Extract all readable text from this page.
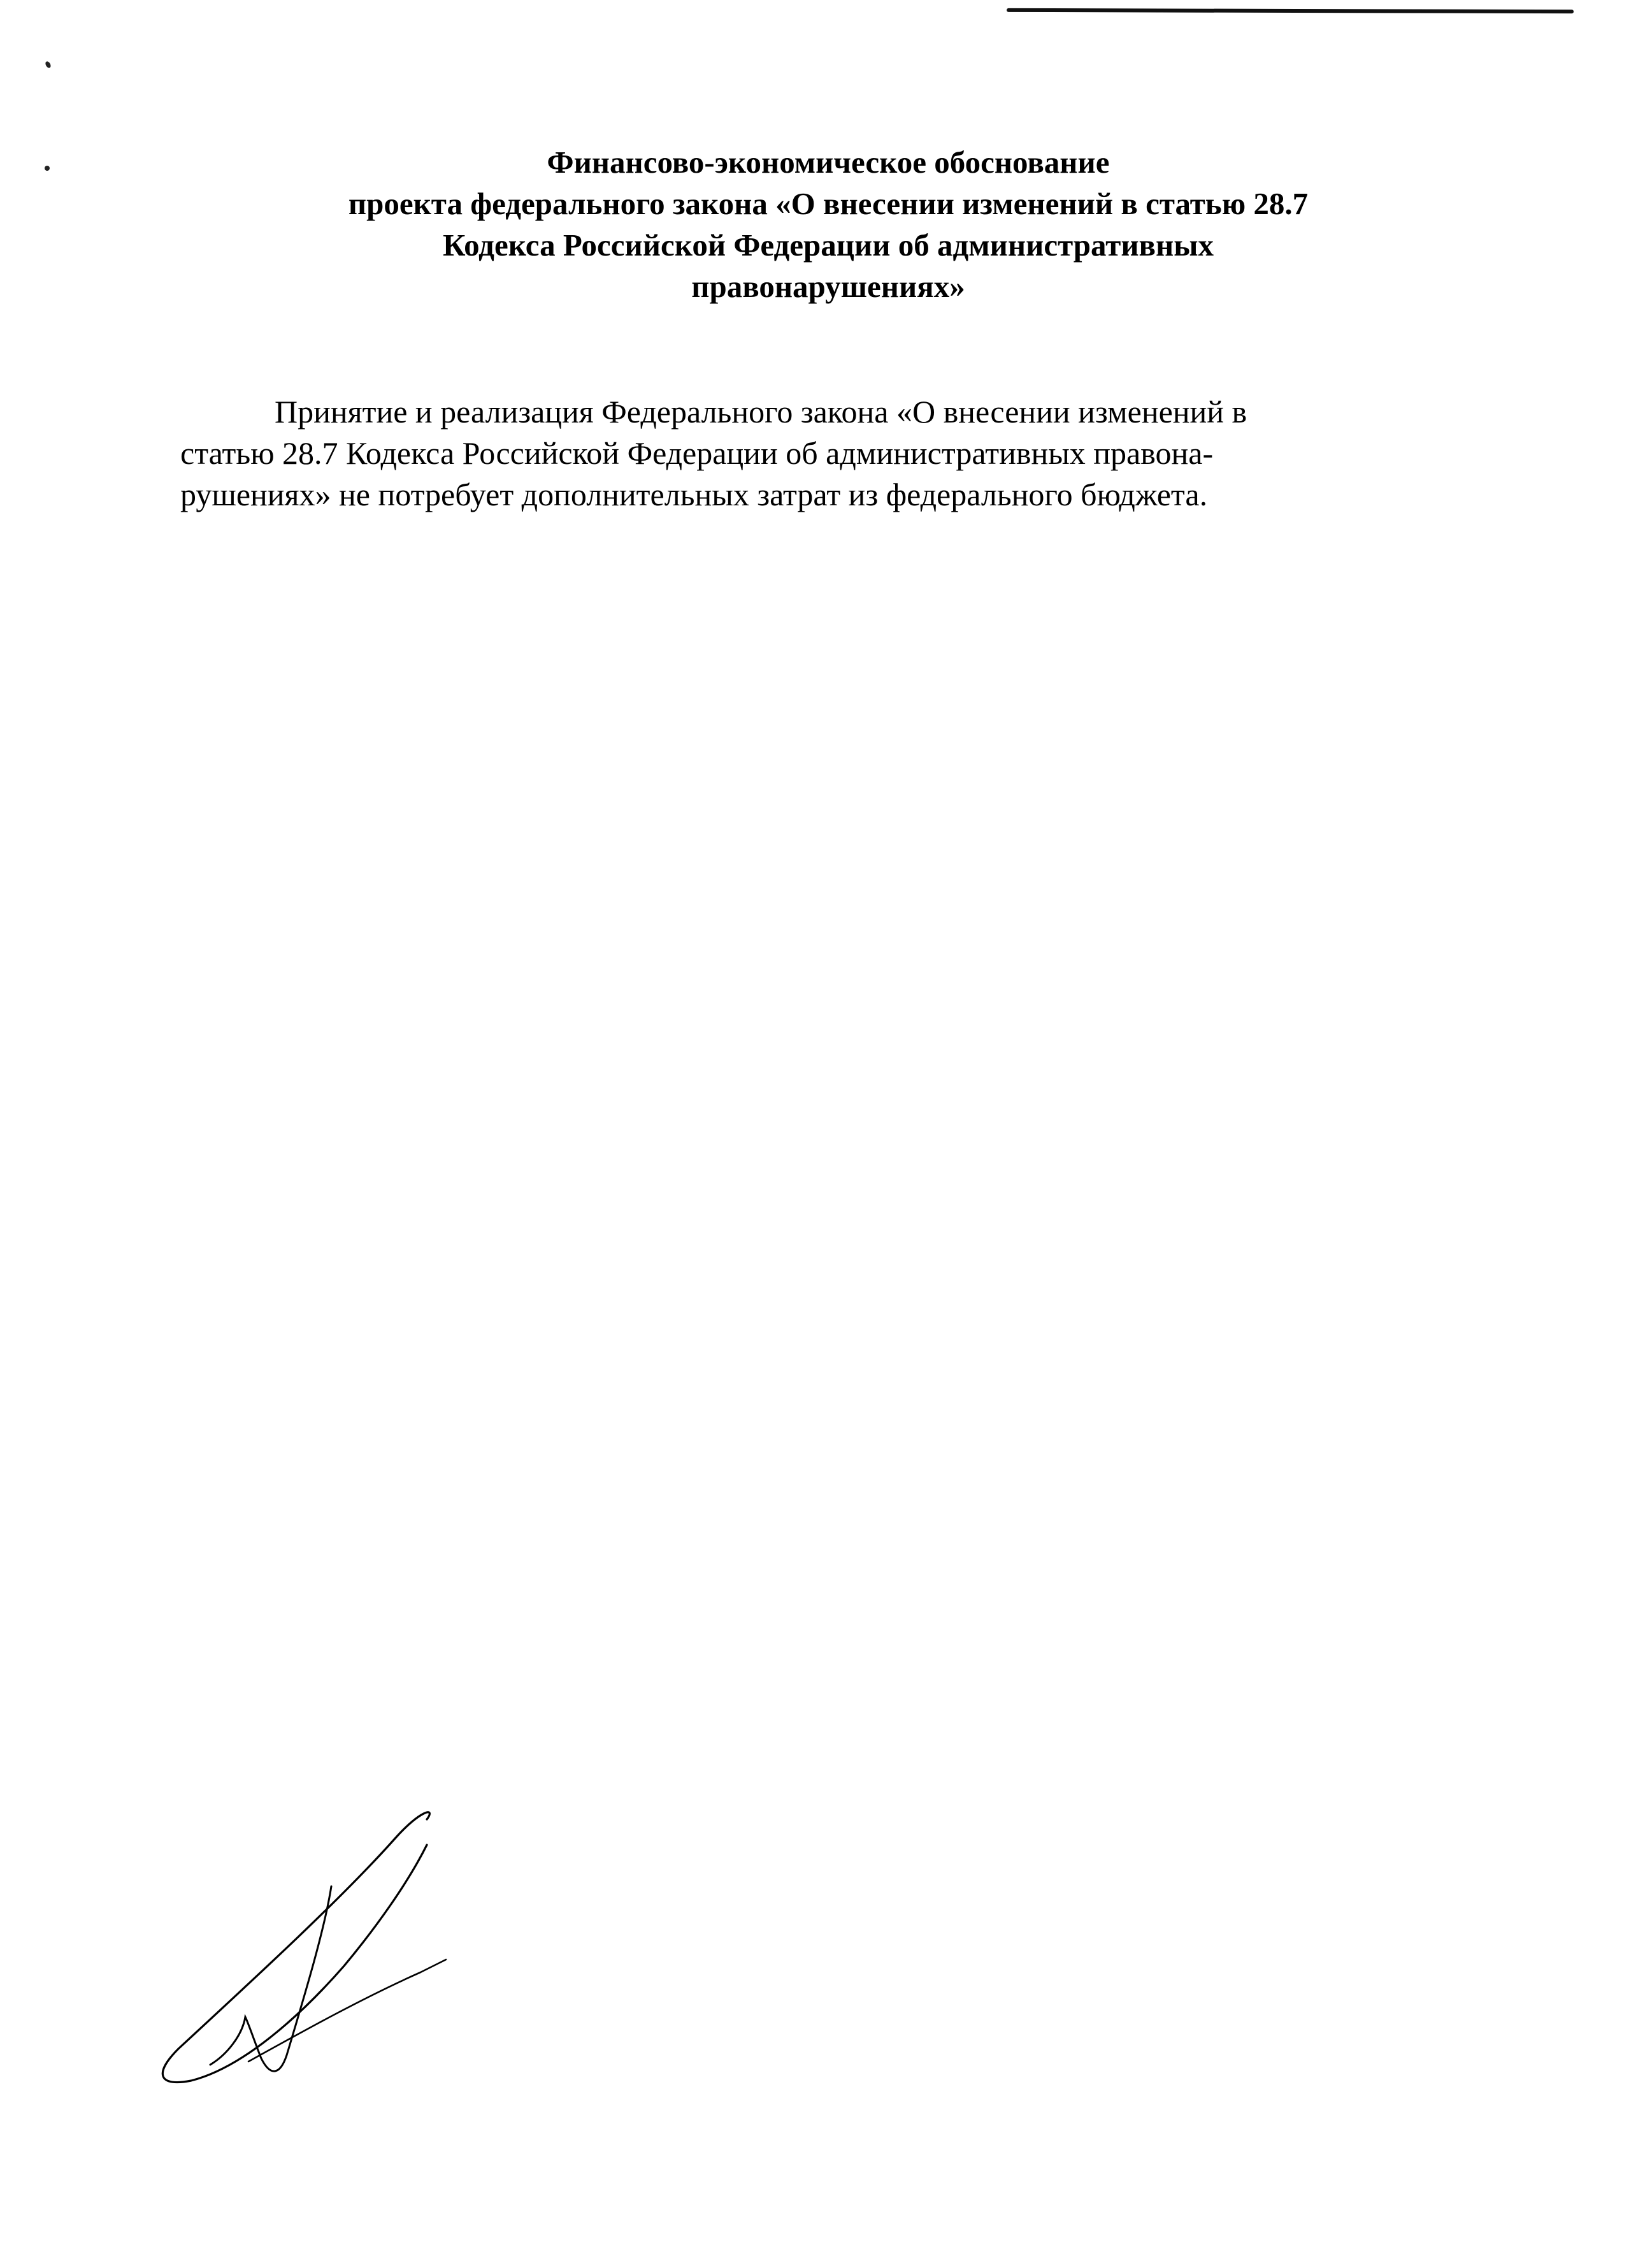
Финансово-экономическое обоснование
проекта федерального закона «О внесении изменений в статью 28.7
Кодекса Российской Федерации об административных
правонарушениях»
Принятие и реализация Федерального закона «О внесении изменений в
статью 28.7 Кодекса Российской Федерации об административных правона-
рушениях» не потребует дополнительных затрат из федерального бюджета.
